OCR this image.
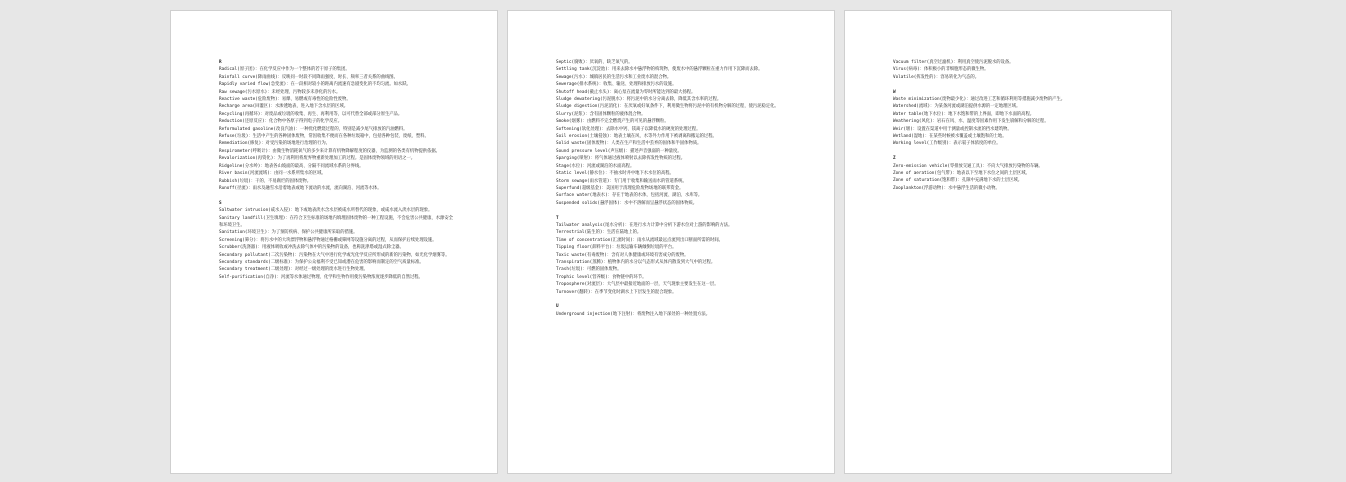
R
Radical(原子团)：在化学反应中作为一个整体的若干原子的集团。
Rainfall curve(降雨曲线)：反映同一时段不同降雨强度、时长、频率三者关系的曲线图。
Rapidly varied flow(急变流)：在一段相对较小的距离内流速有急剧变化的不均匀流。如水跃。
Raw sewage(污水原水)：未经处理、污物较多未净化的污水。
Reactive waste(危险废物)：易爆、易燃或有毒性的危险性废物。
Recharge area(回灌区)：水渗透地表、进入地下含水层的区域。
Recycling(再循环)：对废品或垃圾的收集、再生、再利用等，以可代替全部或部分原生产品。
Reduction(还原反应)：化合物中各原子得到电子的化学反应。
Reformulated gasoline(改良汽油)：一种优化燃烧过程的，特别是减少尾气排放的汽油燃料。
Refuse(垃圾)：生活中产生的各种固体废物，常因收集不便而在各种垃圾箱中，包括各种包装、废纸、塑料。
Remediation(修复)：对受污染的场地进行治理的行为。
Respirometer(呼吸计)：由微生物消耗氧气的多少来计算有机物降解程度的仪器，为监测的各类有机物提供依据。
Revalorization(再资化)：为了再利用将废弃物重新处理加工的过程。是固体废物领域的用语之一。
Ridgeline(分水岭)：地表各山坡面的最高、分隔不同流域水系的分界线。
River basin(河流流域)：由同一水系所集水的区域。
Rubbish(垃圾)：干的、不易腐烂的固体废物。
Runoff(径流)：雨水及融雪水沿着地表或地下流动的水流，流向湖泊、河流等水体。
S
Saltwater intrusion(咸水入侵)：地下或地表淡水含水层被咸水所替代的现象，或咸水流入淡水层的现象。
Sanitary landfill(卫生填埋)：在符合卫生标准的场地内填埋固体废物的一种工程设施，不会危害公共健康、水源安全和环境卫生。
Sanitation(环境卫生)：为了预防疾病、保护公共健康所采取的措施。
Screening(筛分)：将污水中的大块漂浮物和悬浮物通过格栅或筛网等设施分离的过程，从而保护后续处理设施。
Scrubber(洗涤器)：用液体吸收或冲洗去除气体中的污染物的设备，也称洗涤塔或湿式除尘器。
Secondary pollutant(二次污染物)：污染物在大气中进行化学或光化学反应所形成的新的污染物，如光化学烟雾等。
Secondary standards(二级标准)：为保护公众福利不受已知或潜在危害的影响而制定的空气质量标准。
Secondary treatment(二级处理)：对经过一级处理的废水进行生物处理。
Self-purification(自净)：河流等水体通过物理、化学和生物作用使污染物浓度逐步降低的自然过程。
Septic(腐败)：厌氧的、缺乏氧气的。
Settling tank(沉淀池)：用来去除水中悬浮物的构筑物，使废水中的悬浮颗粒在重力作用下沉降而去除。
Sewage(污水)：城镇居民的生活污水和工业废水的混合物。
Sewerage(排水系统)：收集、输送、处理和排放污水的设施。
Shutoff head(截止水头)：离心泵在流量为零时所能达到的最大扬程。
Sludge dewatering(污泥脱水)：将污泥中的水分分离去除，降低其含水率的过程。
Sludge digestion(污泥消化)：在厌氧或好氧条件下，利用微生物将污泥中的有机物分解的过程，使污泥稳定化。
Slurry(泥浆)：含有固体颗粒的液体混合物。
Smoke(烟雾)：由燃料不完全燃烧产生的可见的悬浮颗粒。
Softening(软化处理)：去除水中钙、镁离子以降低水的硬度的处理过程。
Soil erosion(土壤侵蚀)：地表土壤在风、水等外力作用下被剥离和搬运的过程。
Solid waste(固体废物)：人类在生产和生活中丢弃的固体和半固体物质。
Sound pressure level(声压级)：描述声音强弱的一种量度。
Sparging(喷射)：将气体通过液体喷射以去除挥发性物质的过程。
Stage(水位)：河流或湖泊的水面高程。
Static level(静水位)：不抽水时井中地下水水位的高程。
Storm sewage(雨水管道)：专门用于收集和输送雨水的管道系统。
Superfund(超级基金)：美国用于清理危险废物场地的联邦资金。
Surface water(地表水)：存在于地表的水体，包括河流、湖泊、水库等。
Suspended solids(悬浮固体)：水中不溶解而呈悬浮状态的固体物质。
T
Tailwater analysis(尾水分析)：在进行水力计算中分析下游水位对上游的影响的方法。
Terrestrial(陆生的)：生活在陆地上的。
Time of concentration(汇流时间)：雨水从流域最远点流到出口断面所需的时间。
Tipping floor(卸料平台)：垃圾运输车辆倾倒垃圾的平台。
Toxic waste(有毒废物)：含有对人体健康或环境有害成分的废物。
Transpiration(蒸腾)：植物体内的水分以气态形式从体内散发到大气中的过程。
Trash(垃圾)：可燃的固体废物。
Trophic level(营养级)：食物链中的环节。
Troposphere(对流层)：大气层中最接近地面的一层，天气现象主要发生在这一层。
Turnover(翻转)：在季节变化时湖水上下层发生的混合现象。
U
Underground injection(地下注射)：将废物注入地下深处的一种处置方法。
Vacuum filter(真空过滤机)：利用真空使污泥脱水的设备。
Virus(病毒)：体积极小的非细胞形态的微生物。
Volatile(挥发性的)：容易转化为气态的。
W
Waste minimization(废物最少化)：通过改进工艺和循环利用等措施减少废物的产生。
Watershed(流域)：为某条河流或湖泊提供水源的一定地理区域。
Water table(地下水位)：地下水饱和带的上界面，即地下水面的高程。
Weathering(风化)：岩石在风、水、温度等因素作用下发生崩解和分解的过程。
Weir(堰)：设置在渠道中用于测量或控制水流的挡水建筑物。
Wetland(湿地)：在某些时候被水覆盖或土壤饱和的土地。
Working level(工作级别)：表示氡子体浓度的单位。
Z
Zero-emission vehicle(零排放交通工具)：不向大气排放污染物的车辆。
Zone of aeration(包气带)：地表以下至地下水位之间的土层区域。
Zone of saturation(饱和带)：孔隙中充满地下水的土层区域。
Zooplankton(浮游动物)：水中悬浮生活的微小动物。
